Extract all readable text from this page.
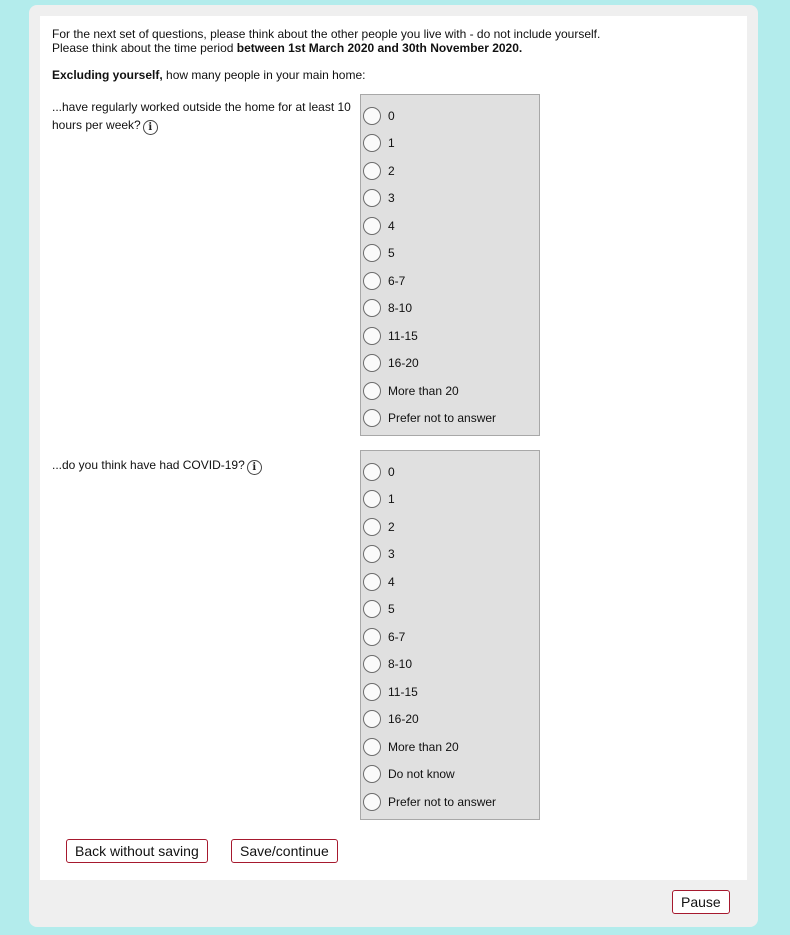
For the next set of questions, please think about the other people you live with - do not include yourself.

Please think about the time period between 1st March 2020 and 30th November 2020.

Excluding yourself, how many people in your main home:
...have regularly worked outside the home for at least 10 hours per week? i
0
1
2
3
4
5
6-7
8-10
11-15
16-20
More than 20
Prefer not to answer
...do you think have had COVID-19? i	0
1
2
3
4
5
6-7
8-10
11-15
16-20
More than 20
Do not know
Prefer not to answer
Back without saving	Save/continue
Pause
